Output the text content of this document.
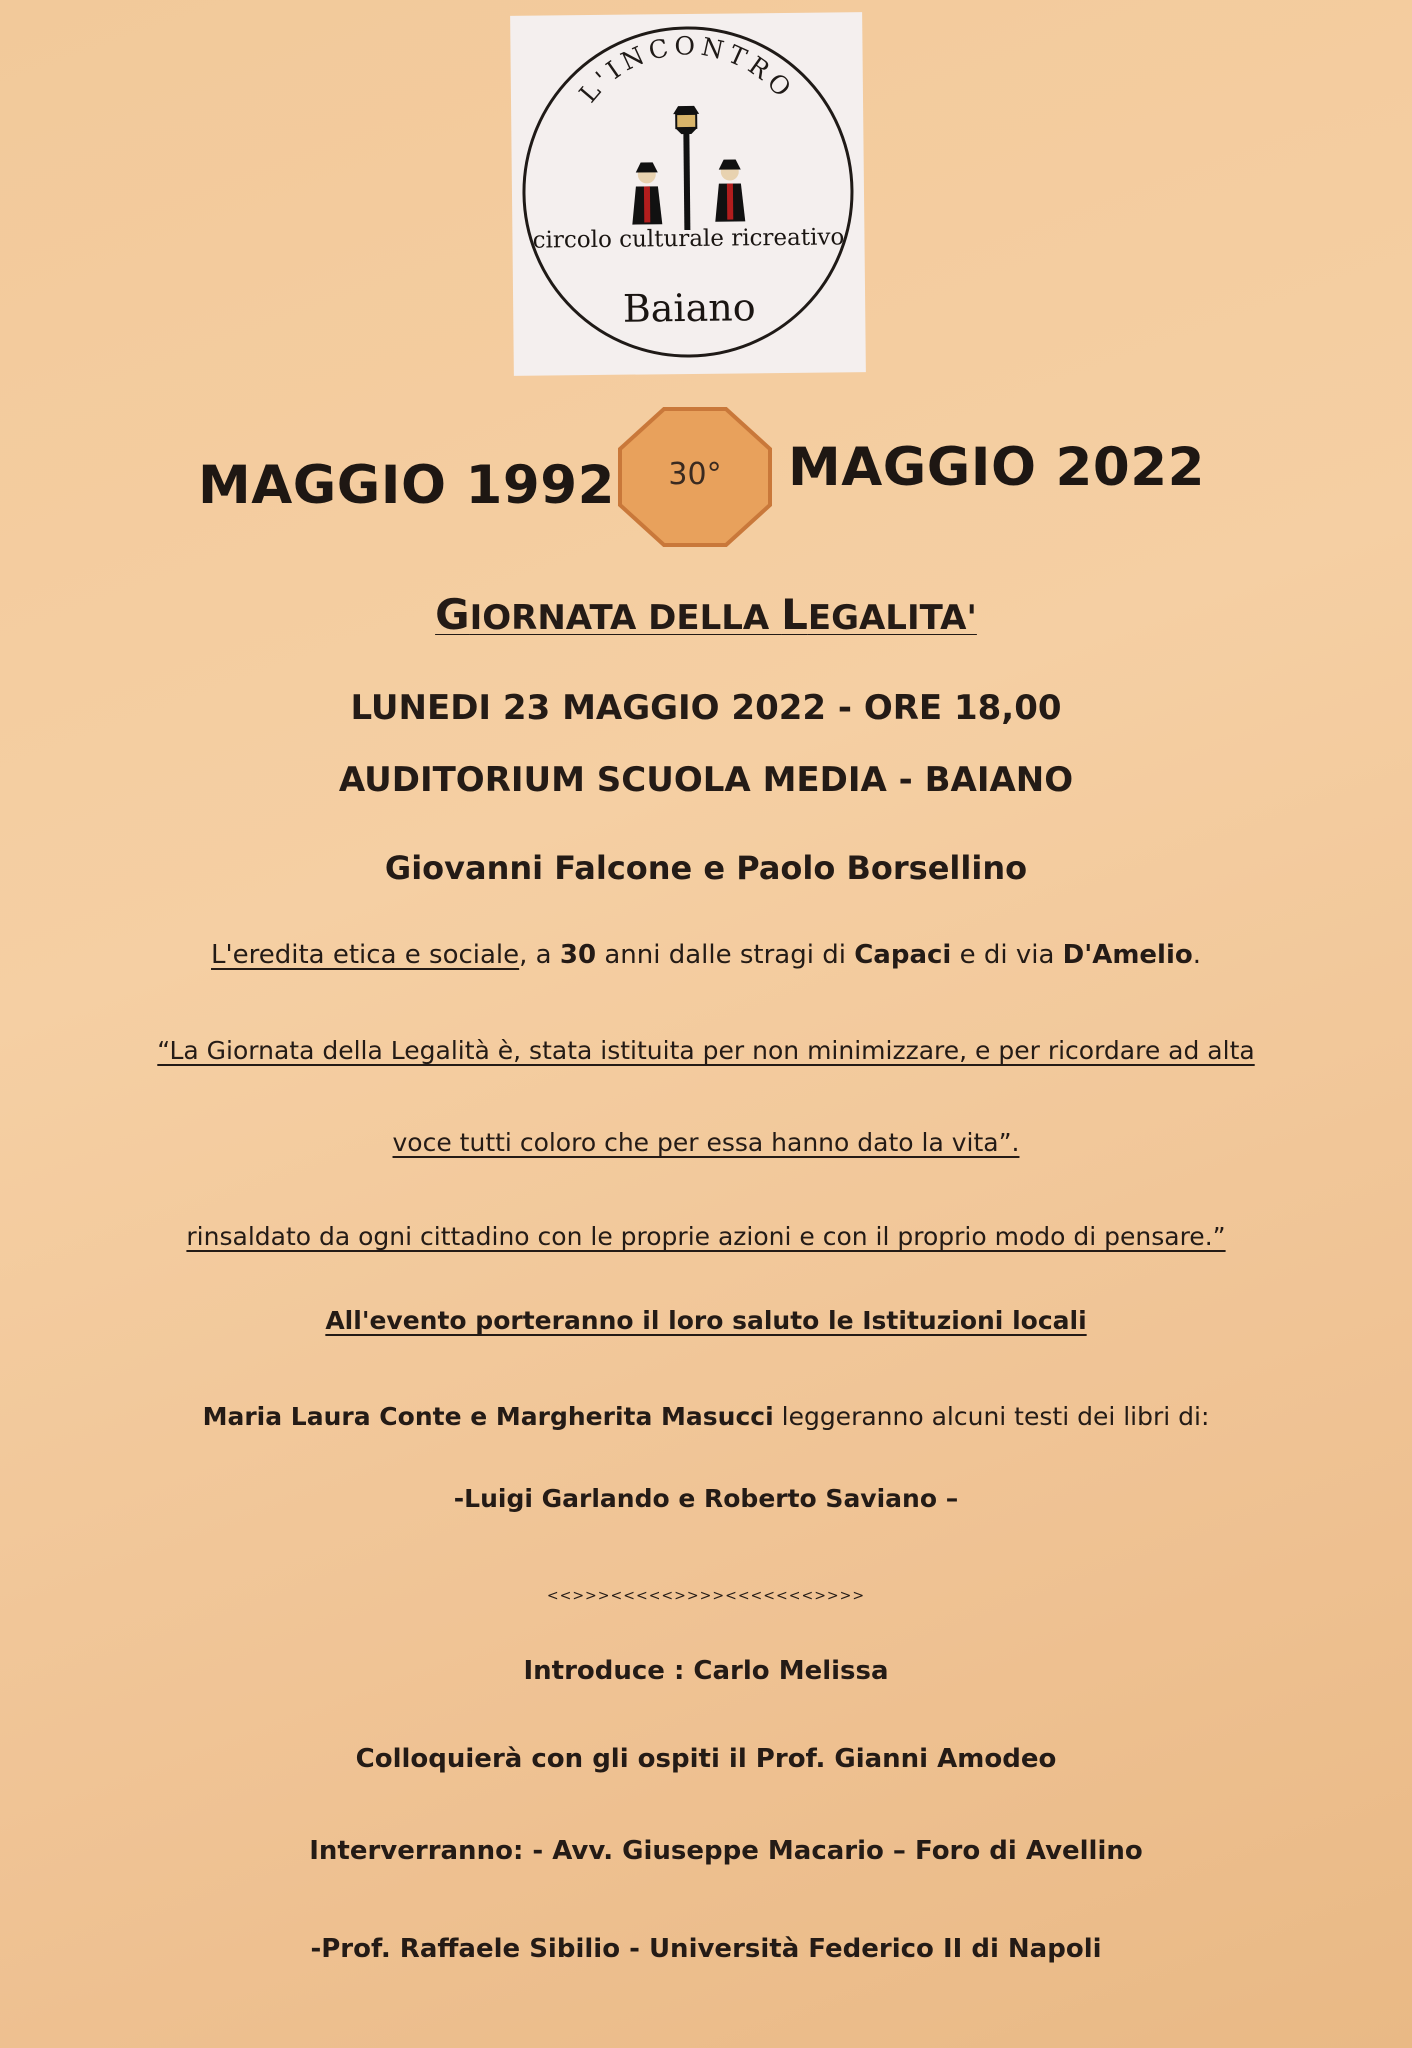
L'INCONTRO
circolo culturale ricreativo
Baiano
MAGGIO 1992	30°	MAGGIO 2022
GIORNATA DELLA LEGALITA'
LUNEDI 23 MAGGIO 2022 - ORE 18,00
AUDITORIUM SCUOLA MEDIA - BAIANO
Giovanni Falcone e Paolo Borsellino
L'eredita etica e sociale, a 30 anni dalle stragi di Capaci e di via D'Amelio.
“La Giornata della Legalità è, stata istituita per non minimizzare, e per ricordare ad alta
voce tutti coloro che per essa hanno dato la vita”.
rinsaldato da ogni cittadino con le proprie azioni e con il proprio modo di pensare.”
All'evento porteranno il loro saluto le Istituzioni locali
Maria Laura Conte e Margherita Masucci leggeranno alcuni testi dei libri di:
-Luigi Garlando e Roberto Saviano –
<<>>><<<<<>>>><<<<<<<>>>>
Introduce : Carlo Melissa
Colloquierà con gli ospiti il Prof. Gianni Amodeo
Interverranno: - Avv. Giuseppe Macario – Foro di Avellino
-Prof. Raffaele Sibilio - Università Federico II di Napoli
